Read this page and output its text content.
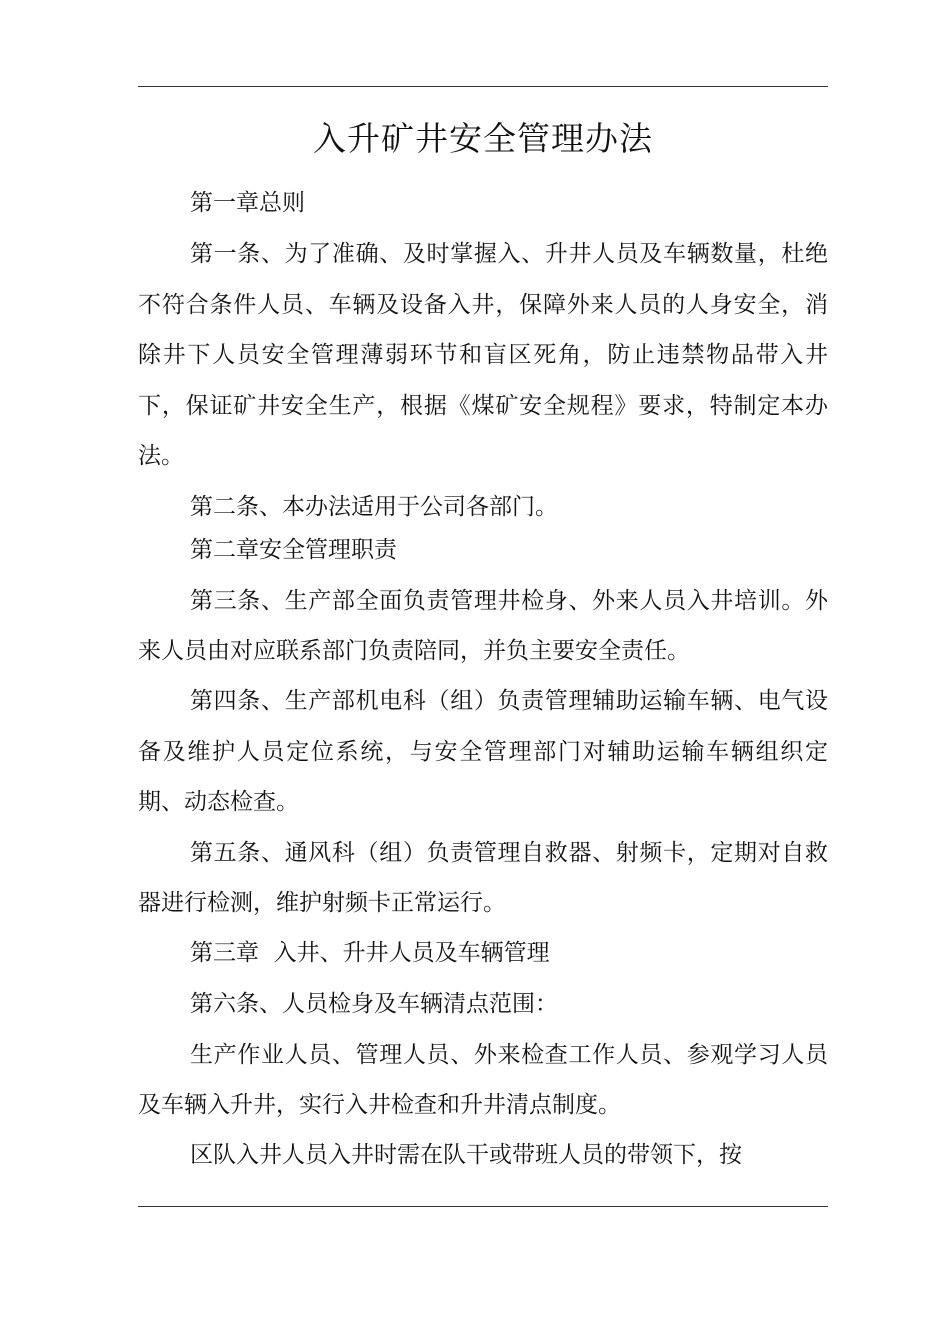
入升矿井安全管理办法
第一章总则
第一条、为了准确、及时掌握入、升井人员及车辆数量，杜绝
不符合条件人员、车辆及设备入井，保障外来人员的人身安全，消
除井下人员安全管理薄弱环节和盲区死角，防止违禁物品带入井
下，保证矿井安全生产，根据《煤矿安全规程》要求，特制定本办
法。
第二条、本办法适用于公司各部门。
第二章安全管理职责
第三条、生产部全面负责管理井检身、外来人员入井培训。外
来人员由对应联系部门负责陪同，并负主要安全责任。
第四条、生产部机电科（组）负责管理辅助运输车辆、电气设
备及维护人员定位系统，与安全管理部门对辅助运输车辆组织定
期、动态检查。
第五条、通风科（组）负责管理自救器、射频卡，定期对自救
器进行检测，维护射频卡正常运行。
第三章  入井、升井人员及车辆管理
第六条、人员检身及车辆清点范围：
生产作业人员、管理人员、外来检查工作人员、参观学习人员
及车辆入升井，实行入井检查和升井清点制度。
区队入井人员入井时需在队干或带班人员的带领下，按
